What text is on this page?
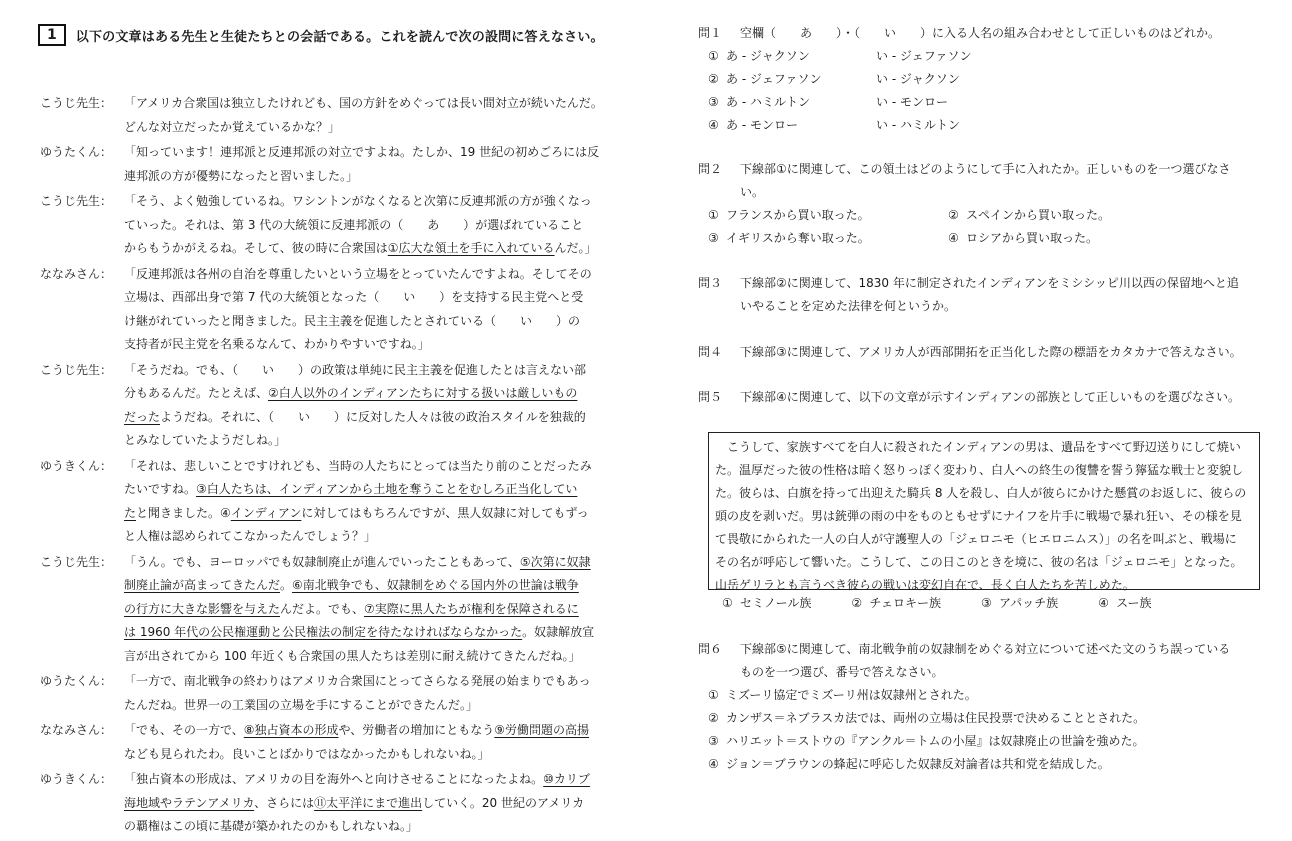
1	以下の文章はある先生と生徒たちとの会話である。これを読んで次の設問に答えなさい。
こうじ先生： 「アメリカ合衆国は独立したけれども、国の方針をめぐっては長い間対立が続いたんだ。
どんな対立だったか覚えているかな？」
ゆうたくん： 「知っています！連邦派と反連邦派の対立ですよね。たしか、19 世紀の初めごろには反
連邦派の方が優勢になったと習いました。」
こうじ先生： 「そう、よく勉強しているね。ワシントンがなくなると次第に反連邦派の方が強くなっ
ていった。それは、第 3 代の大統領に反連邦派の（　　あ　　）が選ばれていること
からもうかがえるね。そして、彼の時に合衆国は①広大な領土を手に入れているんだ。」
ななみさん： 「反連邦派は各州の自治を尊重したいという立場をとっていたんですよね。そしてその
立場は、西部出身で第 7 代の大統領となった（　　い　　）を支持する民主党へと受
け継がれていったと聞きました。民主主義を促進したとされている（　　い　　）の
支持者が民主党を名乗るなんて、わかりやすいですね。」
こうじ先生： 「そうだね。でも、（　　い　　）の政策は単純に民主主義を促進したとは言えない部
分もあるんだ。たとえば、②白人以外のインディアンたちに対する扱いは厳しいもの
だったようだね。それに、（　　い　　）に反対した人々は彼の政治スタイルを独裁的
とみなしていたようだしね。」
ゆうきくん： 「それは、悲しいことですけれども、当時の人たちにとっては当たり前のことだったみ
たいですね。③白人たちは、インディアンから土地を奪うことをむしろ正当化してい
たと聞きました。④インディアンに対してはもちろんですが、黒人奴隷に対してもずっ
と人権は認められてこなかったんでしょう？」
こうじ先生： 「うん。でも、ヨーロッパでも奴隷制廃止が進んでいったこともあって、⑤次第に奴隷
制廃止論が高まってきたんだ。⑥南北戦争でも、奴隷制をめぐる国内外の世論は戦争
の行方に大きな影響を与えたんだよ。でも、⑦実際に黒人たちが権利を保障されるに
は 1960 年代の公民権運動と公民権法の制定を待たなければならなかった。奴隷解放宣
言が出されてから 100 年近くも合衆国の黒人たちは差別に耐え続けてきたんだね。」
ゆうたくん： 「一方で、南北戦争の終わりはアメリカ合衆国にとってさらなる発展の始まりでもあっ
たんだね。世界一の工業国の立場を手にすることができたんだ。」
ななみさん： 「でも、その一方で、⑧独占資本の形成や、労働者の増加にともなう⑨労働問題の高揚
なども見られたわ。良いことばかりではなかったかもしれないね。」
ゆうきくん： 「独占資本の形成は、アメリカの目を海外へと向けさせることになったよね。⑩カリブ
海地域やラテンアメリカ、さらには⑪太平洋にまで進出していく。20 世紀のアメリカ
の覇権はこの頃に基礎が築かれたのかもしれないね。」
問１	空欄（　　あ　　）・（　　い　　）に入る人名の組み合わせとして正しいものはどれか。
① あ - ジャクソン	い - ジェファソン
② あ - ジェファソン	い - ジャクソン
③ あ - ハミルトン	い - モンロー
④ あ - モンロー	い - ハミルトン
問２	下線部①に関連して、この領土はどのようにして手に入れたか。正しいものを一つ選びなさ
い。
① フランスから買い取った。	② スペインから買い取った。
③ イギリスから奪い取った。	④ ロシアから買い取った。
問３	下線部②に関連して、1830 年に制定されたインディアンをミシシッピ川以西の保留地へと追
いやることを定めた法律を何というか。
問４	下線部③に関連して、アメリカ人が西部開拓を正当化した際の標語をカタカナで答えなさい。
問５	下線部④に関連して、以下の文章が示すインディアンの部族として正しいものを選びなさい。
　こうして、家族すべてを白人に殺されたインディアンの男は、遺品をすべて野辺送りにして焼い
た。温厚だった彼の性格は暗く怒りっぽく変わり、白人への終生の復讐を誓う獰猛な戦士と変貌し
た。彼らは、白旗を持って出迎えた騎兵 8 人を殺し、白人が彼らにかけた懸賞のお返しに、彼らの
頭の皮を剥いだ。男は銃弾の雨の中をものともせずにナイフを片手に戦場で暴れ狂い、その様を見
て畏敬にかられた一人の白人が守護聖人の「ジェロニモ（ヒエロニムス）」の名を叫ぶと、戦場に
その名が呼応して響いた。こうして、この日このときを境に、彼の名は「ジェロニモ」となった。
山岳ゲリラとも言うべき彼らの戦いは変幻自在で、長く白人たちを苦しめた。
① セミノール族	② チェロキー族	③ アパッチ族	④ スー族
問６	下線部⑤に関連して、南北戦争前の奴隷制をめぐる対立について述べた文のうち誤っている
ものを一つ選び、番号で答えなさい。
① ミズーリ協定でミズーリ州は奴隷州とされた。
② カンザス＝ネブラスカ法では、両州の立場は住民投票で決めることとされた。
③ ハリエット＝ストウの『アンクル＝トムの小屋』は奴隷廃止の世論を強めた。
④ ジョン＝ブラウンの蜂起に呼応した奴隷反対論者は共和党を結成した。
